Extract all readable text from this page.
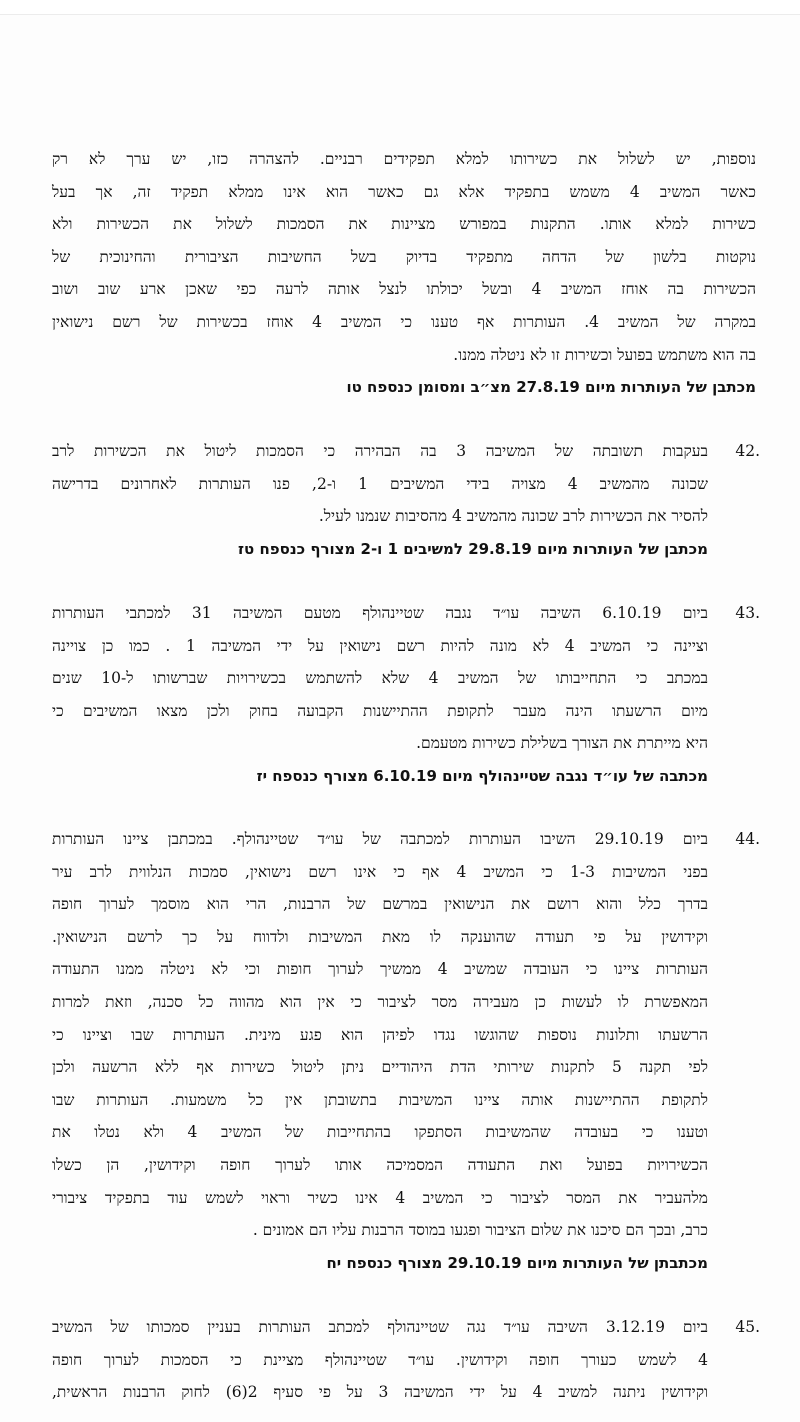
נוספות, יש לשלול את כשירותו למלא תפקידים רבניים. להצהרה כזו, יש ערך לא רק
כאשר המשיב 4 משמש בתפקיד אלא גם כאשר הוא אינו ממלא תפקיד זה, אך בעל
כשירות למלא אותו. התקנות במפורש מציינות את הסמכות לשלול את הכשירות ולא
נוקטות בלשון של הדחה מתפקיד בדיוק בשל החשיבות הציבורית והחינוכית של
הכשירות בה אוחז המשיב 4 ובשל יכולתו לנצל אותה לרעה כפי שאכן ארע שוב ושוב
במקרה של המשיב 4. העותרות אף טענו כי המשיב 4 אוחז בכשירות של רשם נישואין
בה הוא משתמש בפועל וכשירות זו לא ניטלה ממנו.
מכתבן של העותרות מיום 27.8.19 מצ״ב ומסומן כנספח טו
42.
בעקבות תשובתה של המשיבה 3 בה הבהירה כי הסמכות ליטול את הכשירות לרב
שכונה מהמשיב 4 מצויה בידי המשיבים 1 ו-2, פנו העותרות לאחרונים בדרישה
להסיר את הכשירות לרב שכונה מהמשיב 4 מהסיבות שנמנו לעיל.
מכתבן של העותרות מיום 29.8.19 למשיבים 1 ו-2 מצורף כנספח טז
43.
ביום 6.10.19 השיבה עו״ד נגבה שטיינהולף מטעם המשיבה 31 למכתבי העותרות
וציינה כי המשיב 4 לא מונה להיות רשם נישואין על ידי המשיבה 1 . כמו כן צויינה
במכתב כי התחייבותו של המשיב 4 שלא להשתמש בכשירויות שברשותו ל-10 שנים
מיום הרשעתו הינה מעבר לתקופת ההתיישנות הקבועה בחוק ולכן מצאו המשיבים כי
היא מייתרת את הצורך בשלילת כשירות מטעמם.
מכתבה של עו״ד נגבה שטיינהולף מיום 6.10.19 מצורף כנספח יז
44.
ביום 29.10.19 השיבו העותרות למכתבה של עו״ד שטיינהולף. במכתבן ציינו העותרות
בפני המשיבות 1-3 כי המשיב 4 אף כי אינו רשם נישואין, סמכות הנלווית לרב עיר
בדרך כלל והוא רושם את הנישואין במרשם של הרבנות, הרי הוא מוסמך לערוך חופה
וקידושין על פי תעודה שהוענקה לו מאת המשיבות ולדווח על כך לרשם הנישואין.
העותרות ציינו כי העובדה שמשיב 4 ממשיך לערוך חופות וכי לא ניטלה ממנו התעודה
המאפשרת לו לעשות כן מעבירה מסר לציבור כי אין הוא מהווה כל סכנה, וזאת למרות
הרשעתו ותלונות נוספות שהוגשו נגדו לפיהן הוא פגע מינית. העותרות שבו וציינו כי
לפי תקנה 5 לתקנות שירותי הדת היהודיים ניתן ליטול כשירות אף ללא הרשעה ולכן
לתקופת ההתיישנות אותה ציינו המשיבות בתשובתן אין כל משמעות. העותרות שבו
וטענו כי בעובדה שהמשיבות הסתפקו בהתחייבות של המשיב 4 ולא נטלו את
הכשירויות בפועל ואת התעודה המסמיכה אותו לערוך חופה וקידושין, הן כשלו
מלהעביר את המסר לציבור כי המשיב 4 אינו כשיר וראוי לשמש עוד בתפקיד ציבורי
כרב, ובכך הם סיכנו את שלום הציבור ופגעו במוסד הרבנות עליו הם אמונים .
מכתבתן של העותרות מיום 29.10.19 מצורף כנספח יח
45.
ביום 3.12.19 השיבה עו״ד נגה שטיינהולף למכתב העותרות בעניין סמכותו של המשיב
4 לשמש כעורך חופה וקידושין. עו״ד שטיינהולף מציינת כי הסמכות לערוך חופה
וקידושין ניתנה למשיב 4 על ידי המשיבה 3 על פי סעיף 2(6) לחוק הרבנות הראשית,
